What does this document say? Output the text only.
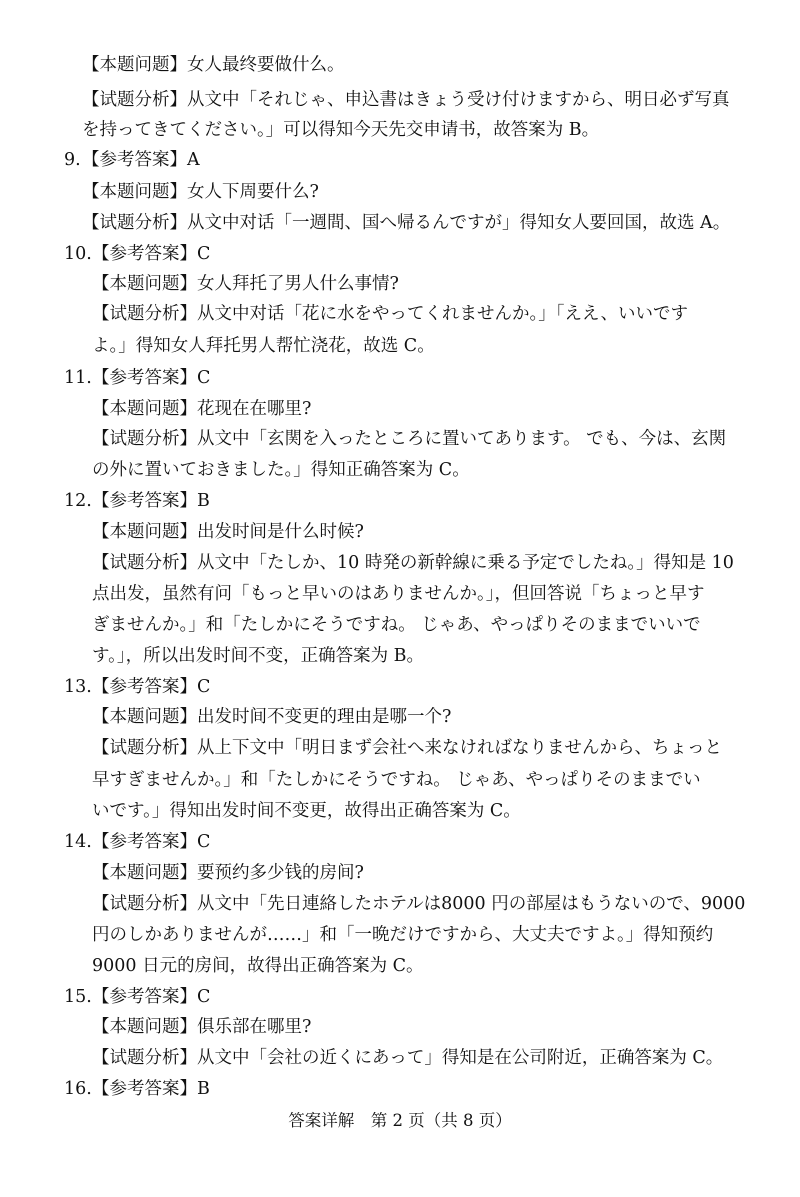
【本题问题】女人最终要做什么。
【试题分析】从文中「それじゃ、申込書はきょう受け付けますから、明日必ず写真
を持ってきてください。」可以得知今天先交申请书，故答案为 B。
9. 【参考答案】A
【本题问题】女人下周要什么?
【试题分析】从文中对话「一週間、国へ帰るんですが」得知女人要回国，故选 A。
10. 【参考答案】C
【本题问题】女人拜托了男人什么事情?
【试题分析】从文中对话「花に水をやってくれませんか。」「ええ、いいです
よ。」得知女人拜托男人帮忙浇花，故选 C。
11. 【参考答案】C
【本题问题】花现在在哪里?
【试题分析】从文中「玄関を入ったところに置いてあります。 でも、今は、玄関
の外に置いておきました。」得知正确答案为 C。
12. 【参考答案】B
【本题问题】出发时间是什么时候?
【试题分析】从文中「たしか、10 時発の新幹線に乗る予定でしたね。」得知是 10
点出发，虽然有问「もっと早いのはありませんか。」，但回答说「ちょっと早す
ぎませんか。」和「たしかにそうですね。 じゃあ、やっぱりそのままでいいで
す。」，所以出发时间不变，正确答案为 B。
13. 【参考答案】C
【本题问题】出发时间不变更的理由是哪一个?
【试题分析】从上下文中「明日まず会社へ来なければなりませんから、ちょっと
早すぎませんか。」和「たしかにそうですね。 じゃあ、やっぱりそのままでい
いです。」得知出发时间不变更，故得出正确答案为 C。
14. 【参考答案】C
【本题问题】要预约多少钱的房间?
【试题分析】从文中「先日連絡したホテルは8000 円の部屋はもうないので、9000
円のしかありませんが……」和「一晩だけですから、大丈夫ですよ。」得知预约
9000 日元的房间，故得出正确答案为 C。
15. 【参考答案】C
【本题问题】俱乐部在哪里?
【试题分析】从文中「会社の近くにあって」得知是在公司附近，正确答案为 C。
16. 【参考答案】B
答案详解　第 2 页（共 8 页）
